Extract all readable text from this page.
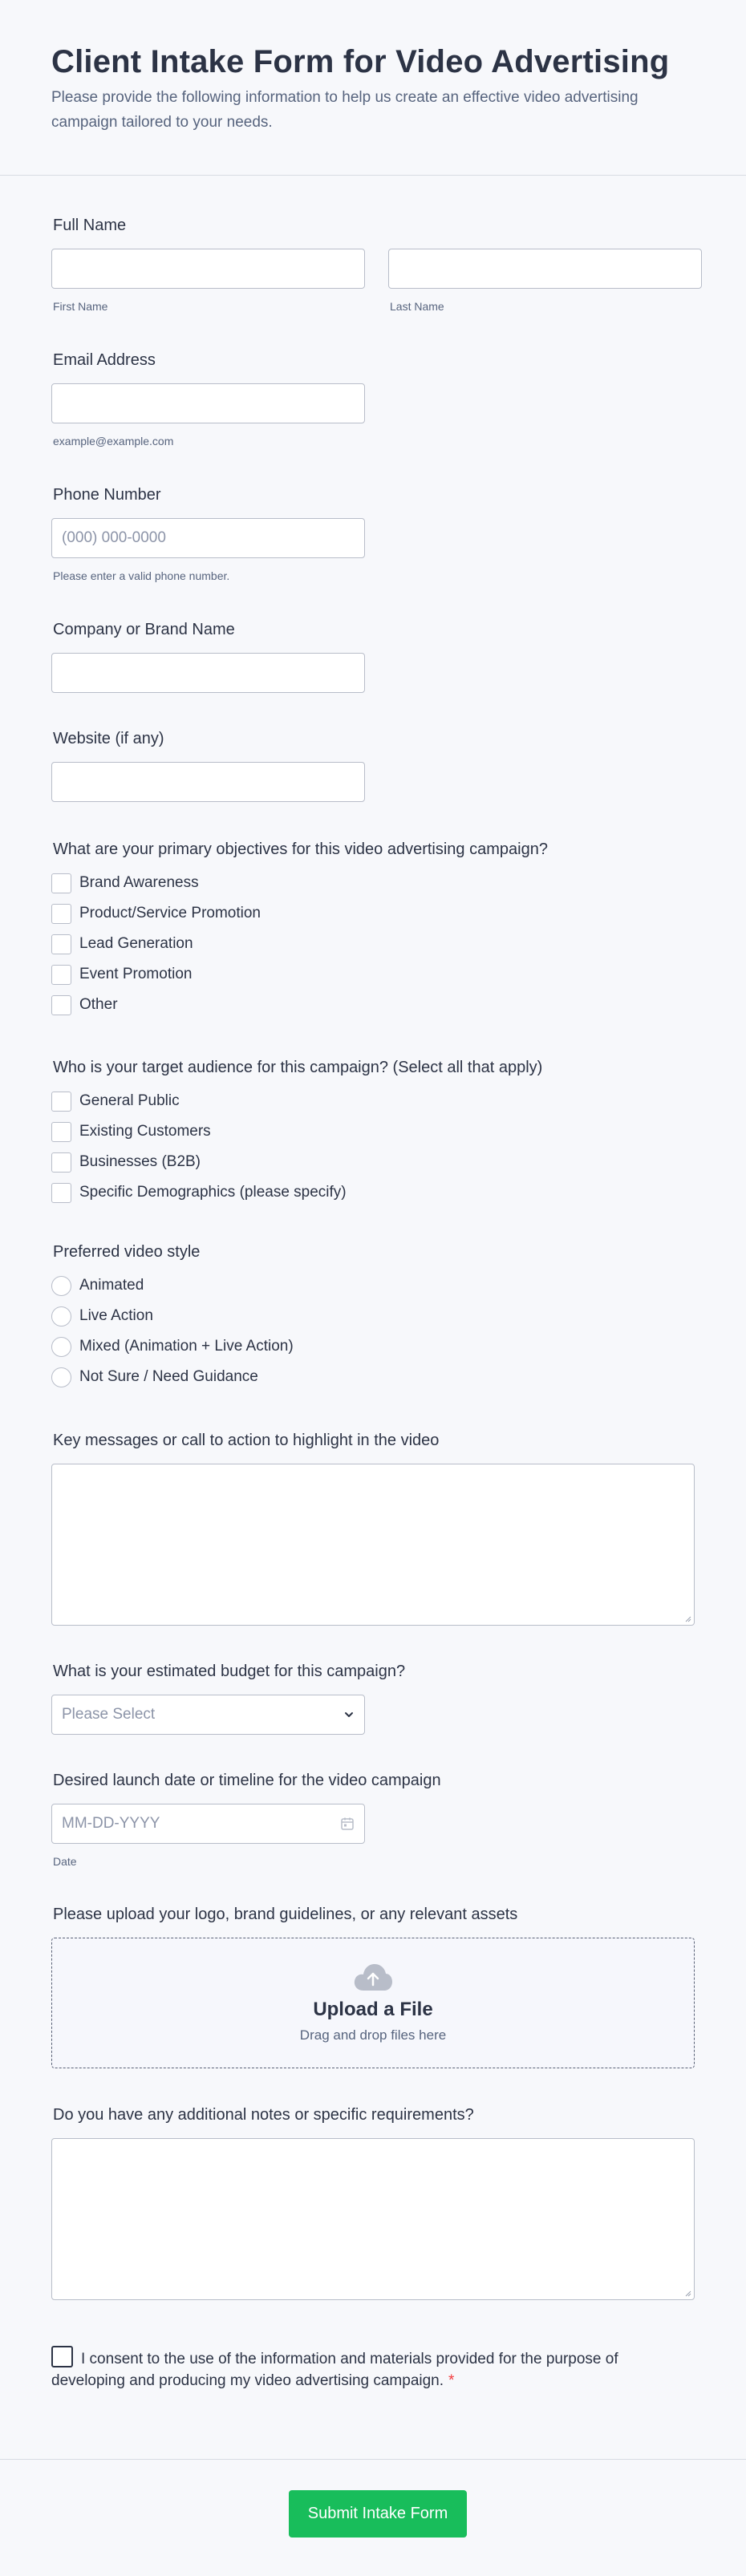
Client Intake Form for Video Advertising
Please provide the following information to help us create an effective video advertising campaign tailored to your needs.
Full Name
First Name	Last Name
Email Address
example@example.com
Phone Number
(000) 000-0000
Please enter a valid phone number.
Company or Brand Name
Website (if any)
What are your primary objectives for this video advertising campaign?
Brand Awareness
Product/Service Promotion
Lead Generation
Event Promotion
Other
Who is your target audience for this campaign? (Select all that apply)
General Public
Existing Customers
Businesses (B2B)
Specific Demographics (please specify)
Preferred video style
Animated
Live Action
Mixed (Animation + Live Action)
Not Sure / Need Guidance
Key messages or call to action to highlight in the video
What is your estimated budget for this campaign?
Please Select
Desired launch date or timeline for the video campaign
MM-DD-YYYY
Date
Please upload your logo, brand guidelines, or any relevant assets
Upload a File
Drag and drop files here
Do you have any additional notes or specific requirements?
I consent to the use of the information and materials provided for the purpose of developing and producing my video advertising campaign. *
Submit Intake Form
